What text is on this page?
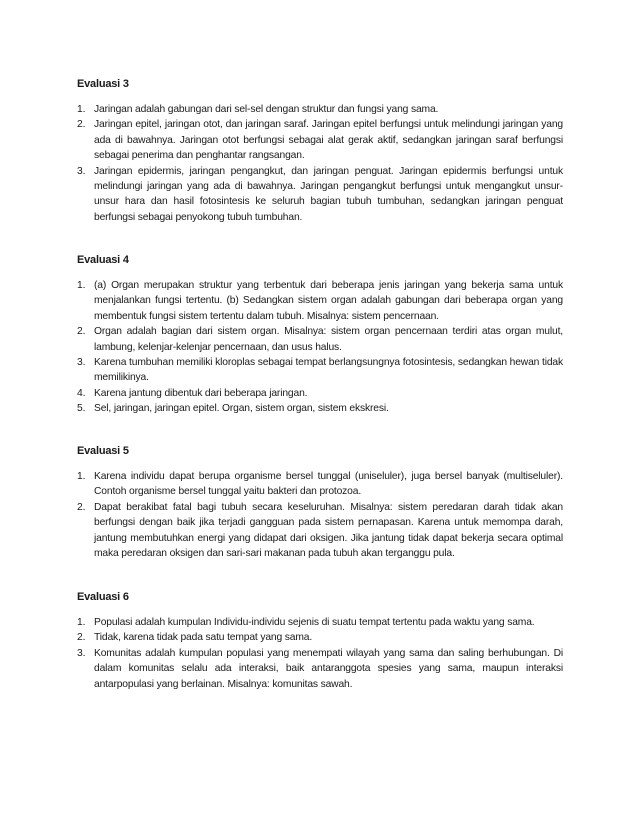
Evaluasi 3
1. Jaringan adalah gabungan dari sel-sel dengan struktur dan fungsi yang sama.
2. Jaringan epitel, jaringan otot, dan jaringan saraf. Jaringan epitel berfungsi untuk melindungi jaringan yang ada di bawahnya. Jaringan otot berfungsi sebagai alat gerak aktif, sedangkan jaringan saraf berfungsi sebagai penerima dan penghantar rangsangan.
3. Jaringan epidermis, jaringan pengangkut, dan jaringan penguat. Jaringan epidermis berfungsi untuk melindungi jaringan yang ada di bawahnya. Jaringan pengangkut berfungsi untuk mengangkut unsur-unsur hara dan hasil fotosintesis ke seluruh bagian tubuh tumbuhan, sedangkan jaringan penguat berfungsi sebagai penyokong tubuh tumbuhan.
Evaluasi 4
1. (a) Organ merupakan struktur yang terbentuk dari beberapa jenis jaringan yang bekerja sama untuk menjalankan fungsi tertentu. (b) Sedangkan sistem organ adalah gabungan dari beberapa organ yang membentuk fungsi sistem tertentu dalam tubuh. Misalnya: sistem pencernaan.
2. Organ adalah bagian dari sistem organ. Misalnya: sistem organ pencernaan terdiri atas organ mulut, lambung, kelenjar-kelenjar pencernaan, dan usus halus.
3. Karena tumbuhan memiliki kloroplas sebagai tempat berlangsungnya fotosintesis, sedangkan hewan tidak memilikinya.
4. Karena jantung dibentuk dari beberapa jaringan.
5. Sel, jaringan, jaringan epitel. Organ, sistem organ, sistem ekskresi.
Evaluasi 5
1. Karena individu dapat berupa organisme bersel tunggal (uniseluler), juga bersel banyak (multiseluler). Contoh organisme bersel tunggal yaitu bakteri dan protozoa.
2. Dapat berakibat fatal bagi tubuh secara keseluruhan. Misalnya: sistem peredaran darah tidak akan berfungsi dengan baik jika terjadi gangguan pada sistem pernapasan. Karena untuk memompa darah, jantung membutuhkan energi yang didapat dari oksigen. Jika jantung tidak dapat bekerja secara optimal maka peredaran oksigen dan sari-sari makanan pada tubuh akan terganggu pula.
Evaluasi 6
1. Populasi adalah kumpulan Individu-individu sejenis di suatu tempat tertentu pada waktu yang sama.
2. Tidak, karena tidak pada satu tempat yang sama.
3. Komunitas adalah kumpulan populasi yang menempati wilayah yang sama dan saling berhubungan. Di dalam komunitas selalu ada interaksi, baik antaranggota spesies yang sama, maupun interaksi antarpopulasi yang berlainan. Misalnya: komunitas sawah.
